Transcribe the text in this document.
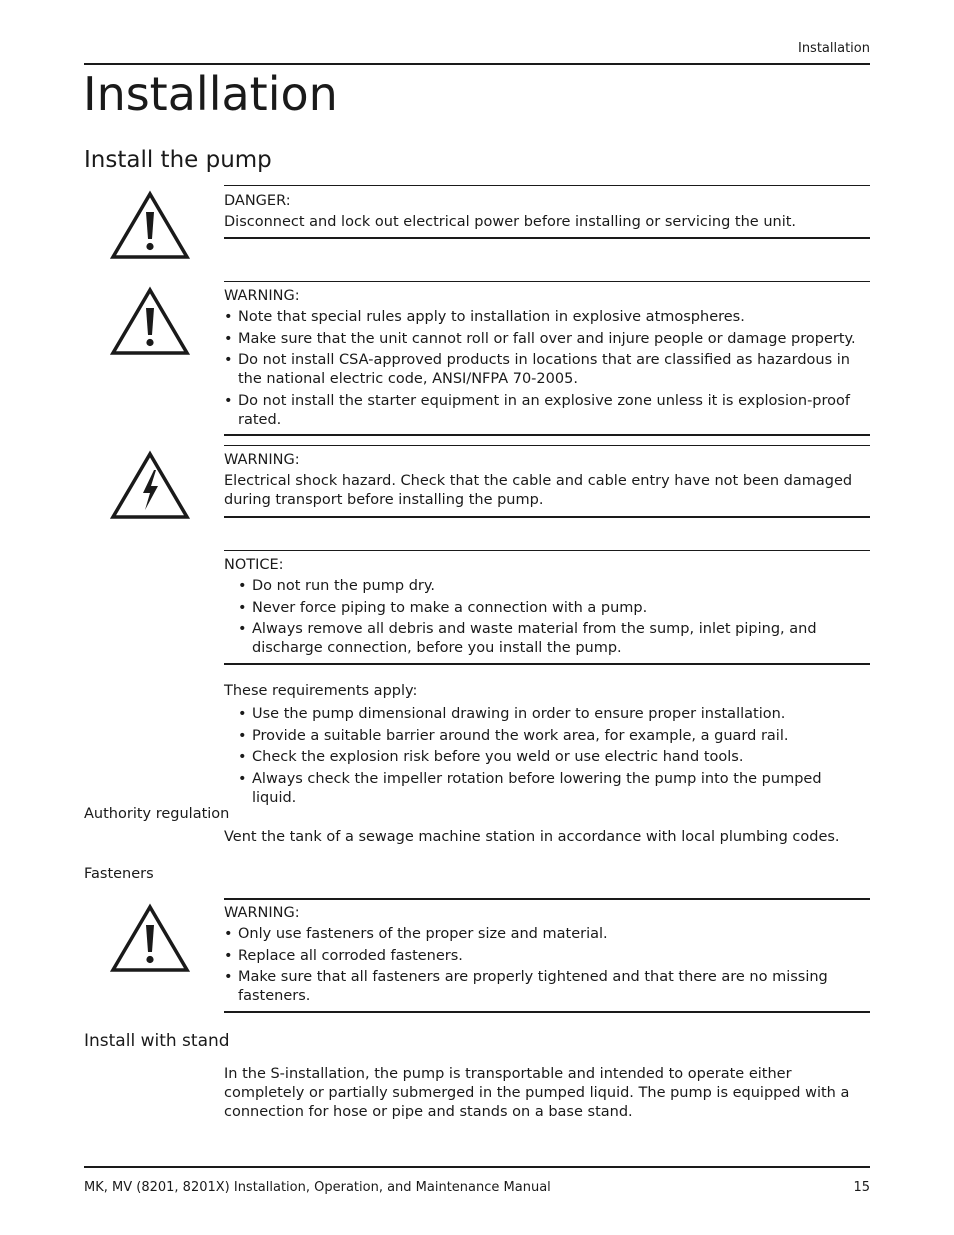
Installation
Installation
Install the pump
DANGER:
Disconnect and lock out electrical power before installing or servicing the unit.
WARNING:
• Note that special rules apply to installation in explosive atmospheres.
• Make sure that the unit cannot roll or fall over and injure people or damage property.
• Do not install CSA-approved products in locations that are classified as hazardous in the national electric code, ANSI/NFPA 70-2005.
• Do not install the starter equipment in an explosive zone unless it is explosion-proof rated.
WARNING:
Electrical shock hazard. Check that the cable and cable entry have not been damaged during transport before installing the pump.
NOTICE:
• Do not run the pump dry.
• Never force piping to make a connection with a pump.
• Always remove all debris and waste material from the sump, inlet piping, and discharge connection, before you install the pump.
These requirements apply:
• Use the pump dimensional drawing in order to ensure proper installation.
• Provide a suitable barrier around the work area, for example, a guard rail.
• Check the explosion risk before you weld or use electric hand tools.
• Always check the impeller rotation before lowering the pump into the pumped liquid.
Authority regulation
Vent the tank of a sewage machine station in accordance with local plumbing codes.
Fasteners
WARNING:
• Only use fasteners of the proper size and material.
• Replace all corroded fasteners.
• Make sure that all fasteners are properly tightened and that there are no missing fasteners.
Install with stand
In the S-installation, the pump is transportable and intended to operate either completely or partially submerged in the pumped liquid. The pump is equipped with a connection for hose or pipe and stands on a base stand.
MK, MV (8201, 8201X) Installation, Operation, and Maintenance Manual	15
